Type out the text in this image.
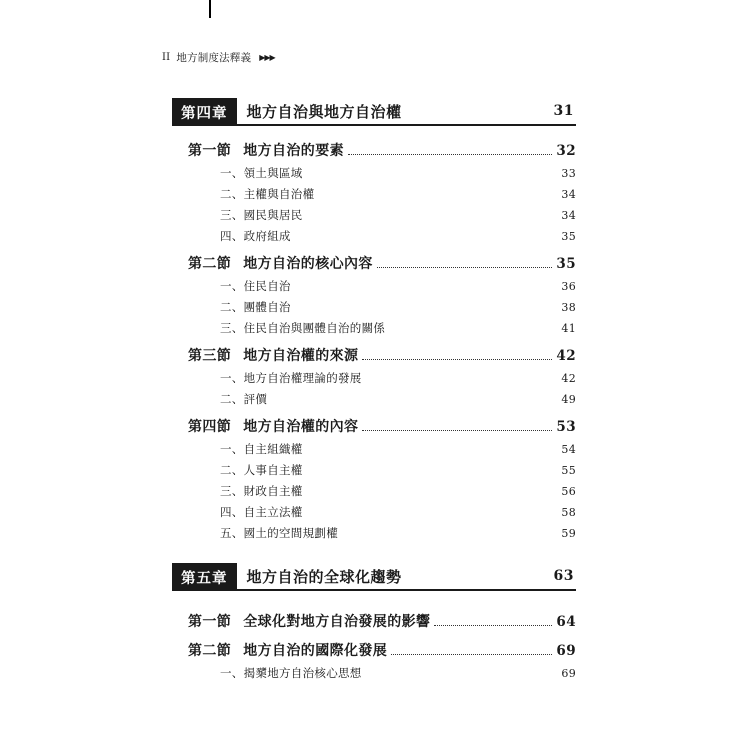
II 地方制度法釋義 ▶▶▶
第四章	地方自治與地方自治權	31
第一節 地方自治的要素	32
一、領土與區域	33
二、主權與自治權	34
三、國民與居民	34
四、政府組成	35
第二節 地方自治的核心內容	35
一、住民自治	36
二、團體自治	38
三、住民自治與團體自治的關係	41
第三節 地方自治權的來源	42
一、地方自治權理論的發展	42
二、評價	49
第四節 地方自治權的內容	53
一、自主組織權	54
二、人事自主權	55
三、財政自主權	56
四、自主立法權	58
五、國土的空間規劃權	59
第五章	地方自治的全球化趨勢	63
第一節 全球化對地方自治發展的影響	64
第二節 地方自治的國際化發展	69
一、揭櫫地方自治核心思想	69
